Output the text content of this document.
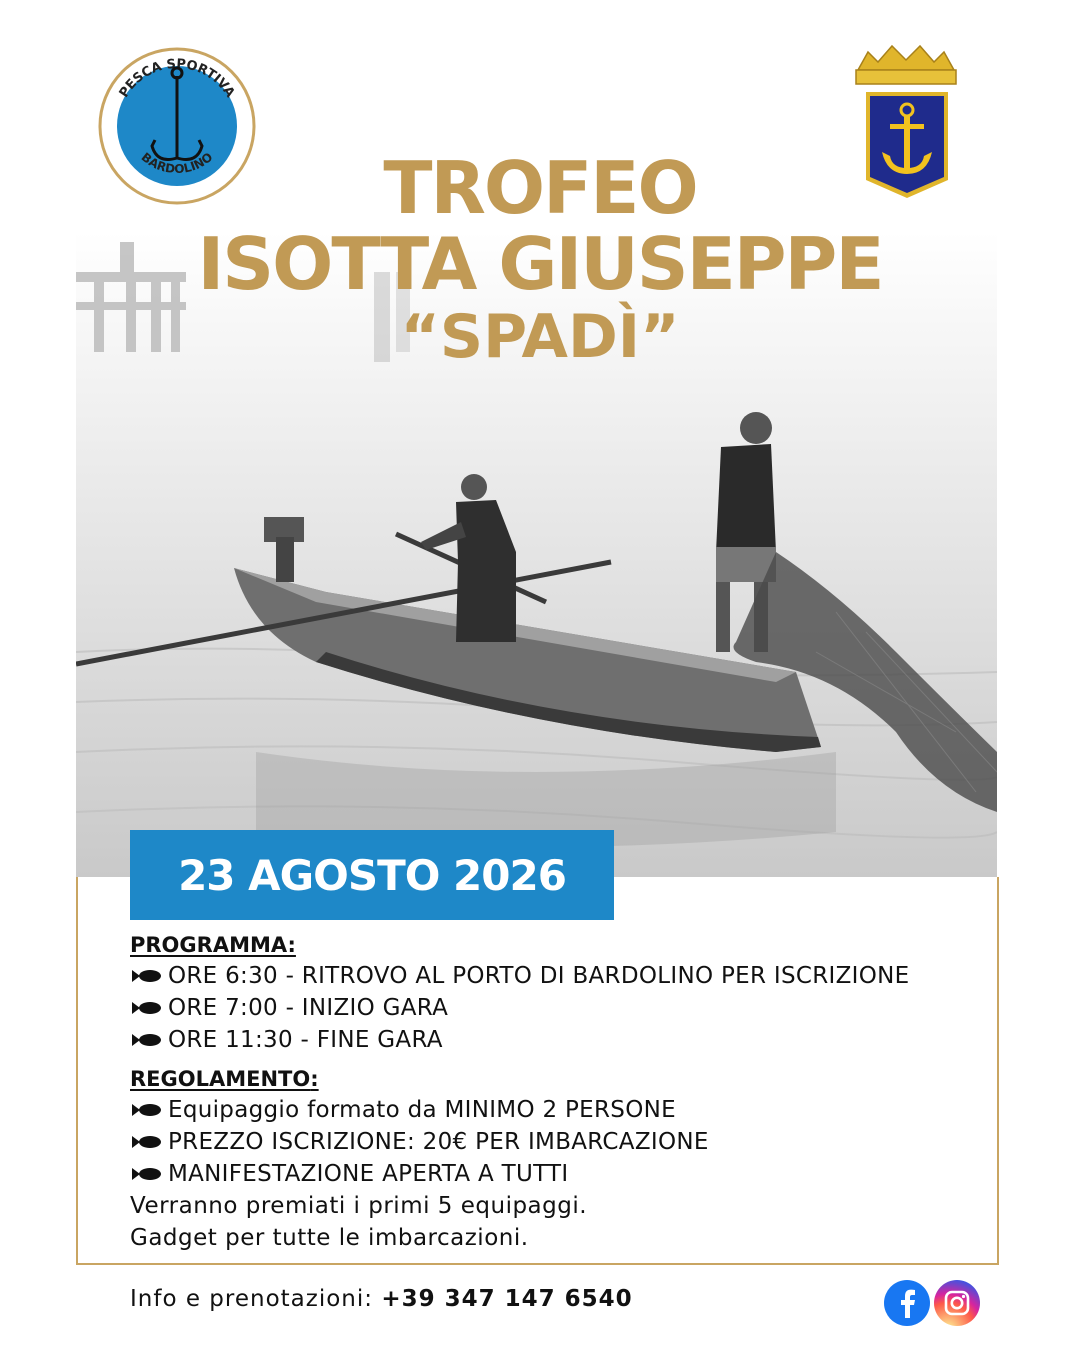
PESCA SPORTIVA
BARDOLINO	TROFEO
ISOTTA GIUSEPPE
“SPADÌ”
23 AGOSTO 2026
PROGRAMMA:
ORE 6:30 - RITROVO AL PORTO DI BARDOLINO PER ISCRIZIONE
ORE 7:00 - INIZIO GARA
ORE 11:30 - FINE GARA
REGOLAMENTO:
Equipaggio formato da MINIMO 2 PERSONE
PREZZO ISCRIZIONE: 20€ PER IMBARCAZIONE
MANIFESTAZIONE APERTA A TUTTI
Verranno premiati i primi 5 equipaggi.
Gadget per tutte le imbarcazioni.
Info e prenotazioni: +39 347 147 6540
